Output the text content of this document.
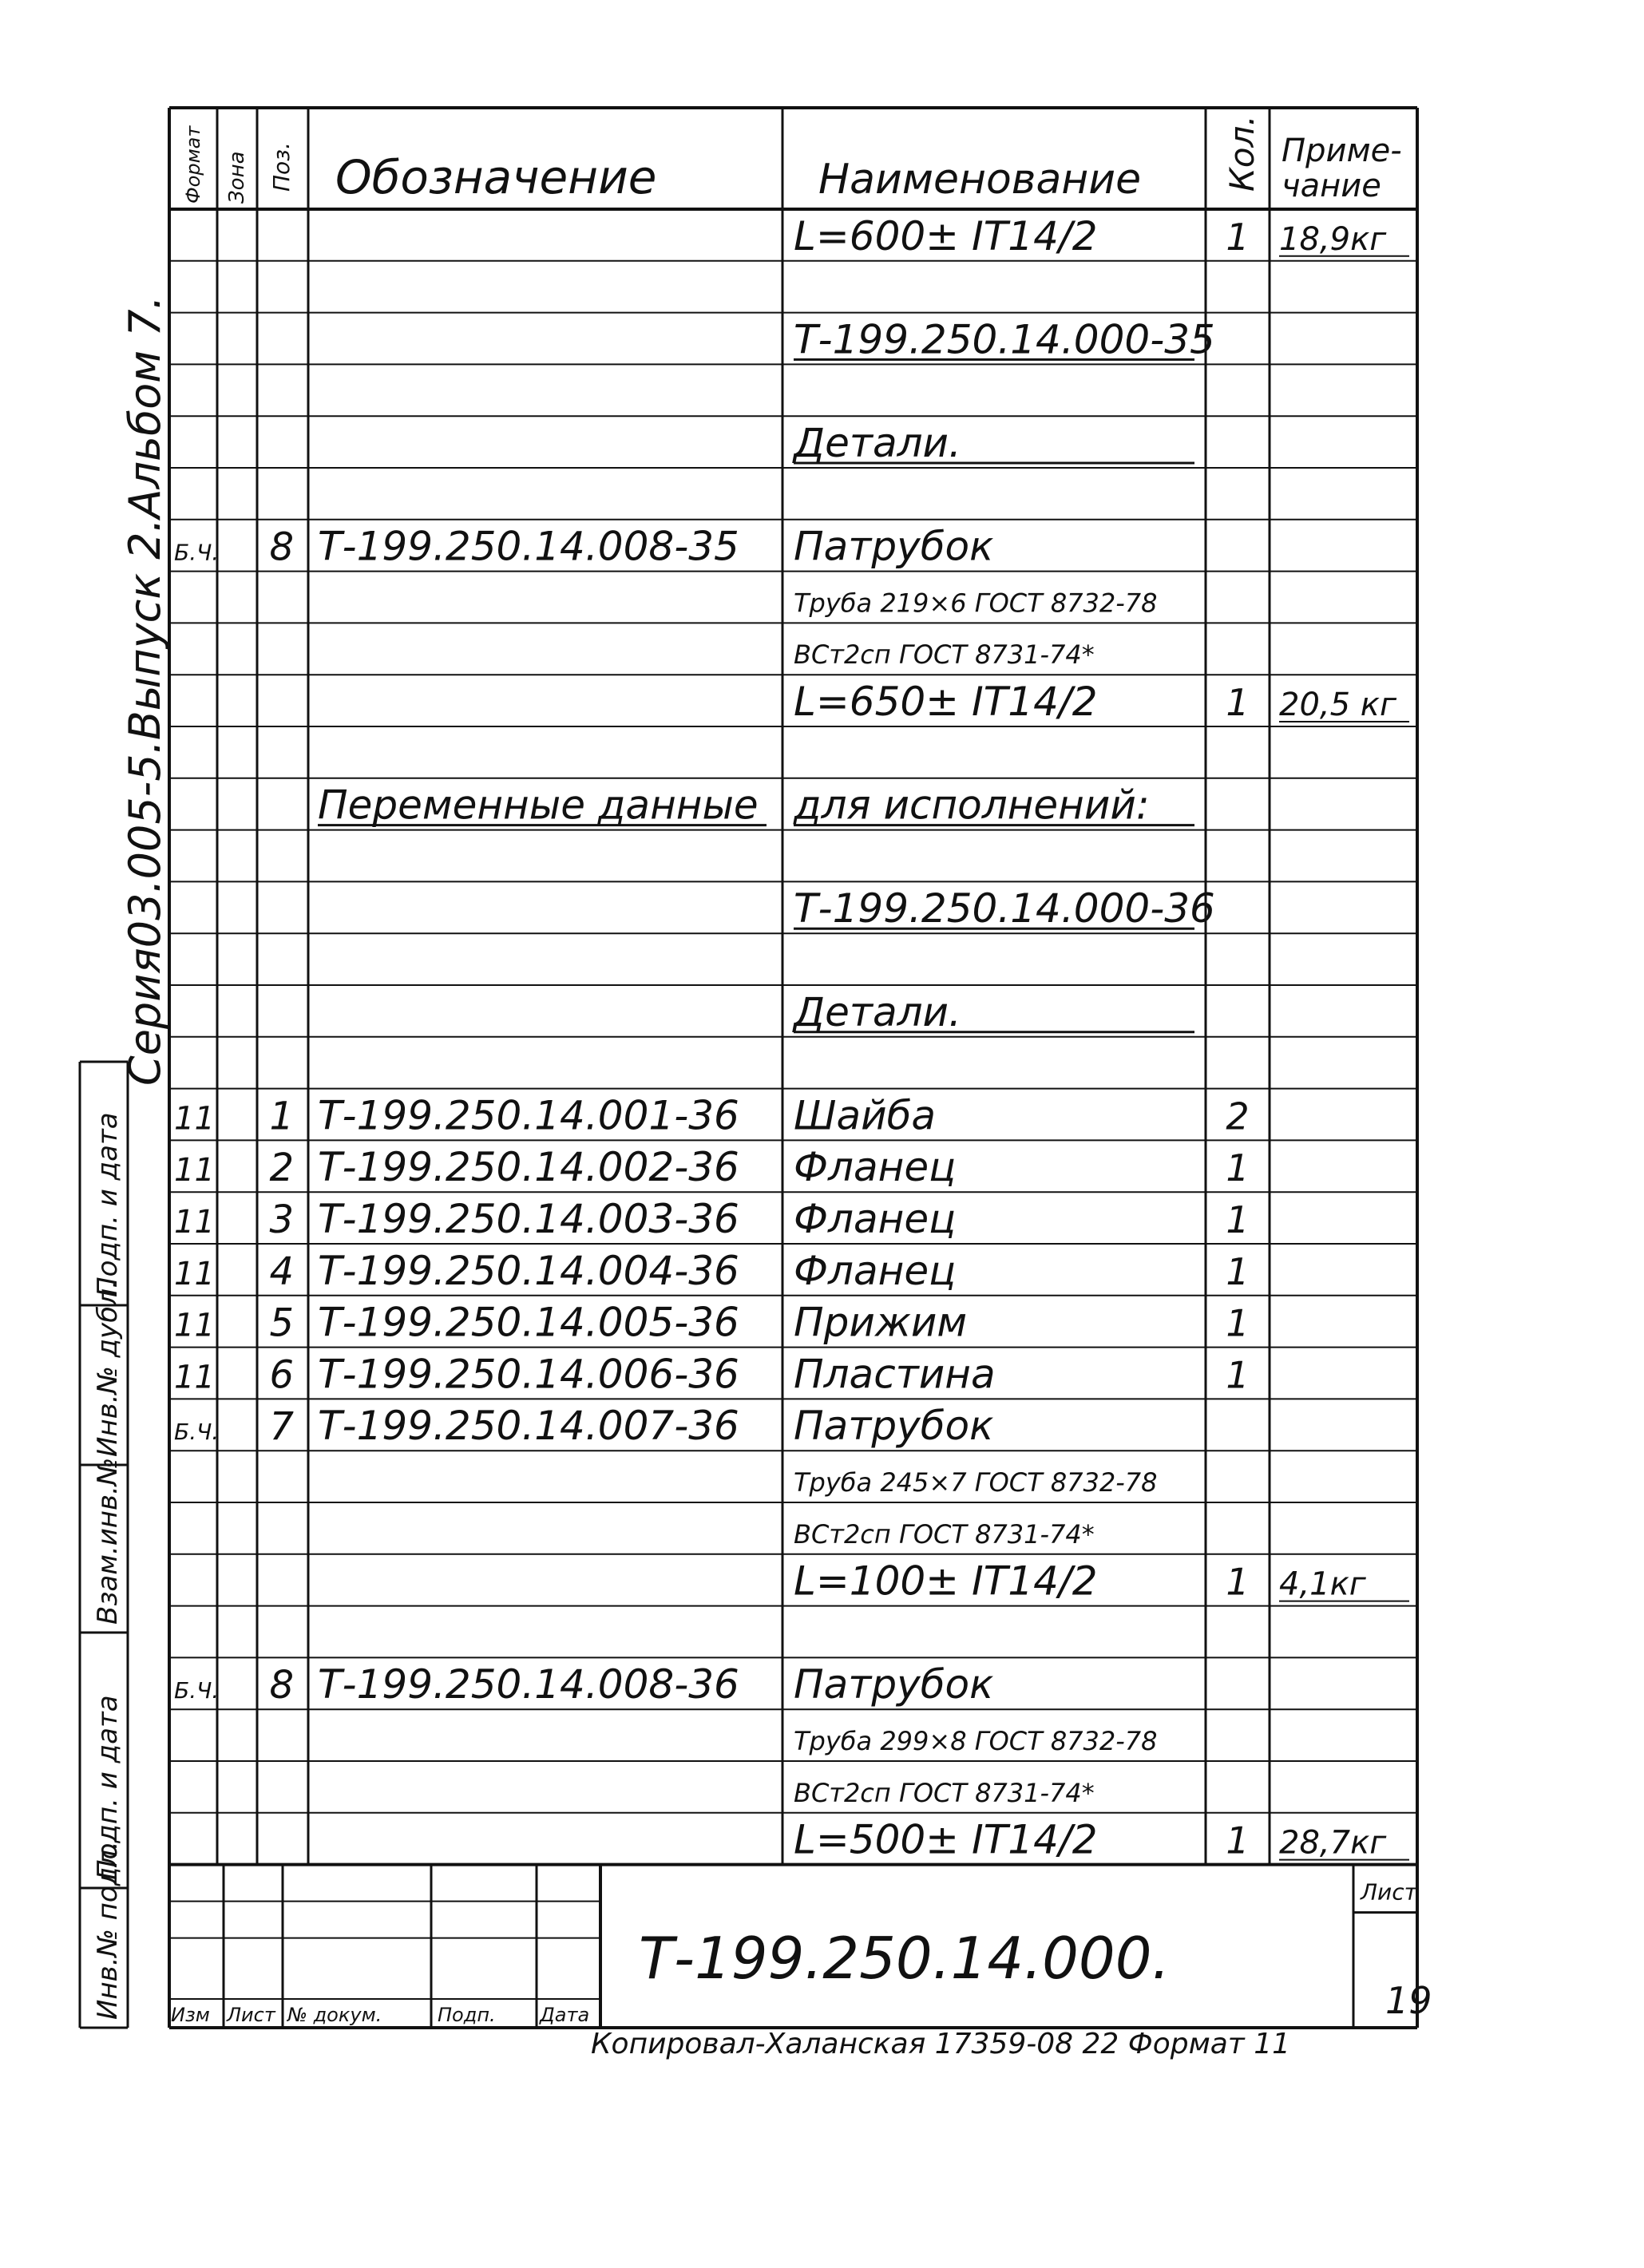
Формат Зона Поз. Обозначение	Наименование Кол. Приме-
чание
L=600± IT14/2	1 18,9кг
Т-199.250.14.000-35
Детали.
Б.Ч. 8 Т-199.250.14.008-35 Патрубок
Труба 219×6 ГОСТ 8732-78
ВСт2сп ГОСТ 8731-74*
L=650± IT14/2	1 20,5 кг
Переменные данные для исполнений:
Т-199.250.14.000-36
Детали.
11 1 Т-199.250.14.001-36 Шайба	2
11 2 Т-199.250.14.002-36 Фланец	1
11 3 Т-199.250.14.003-36 Фланец	1
11 4 Т-199.250.14.004-36 Фланец	1
11 5 Т-199.250.14.005-36 Прижим	1
11 6 Т-199.250.14.006-36 Пластина	1
Б.Ч. 7 Т-199.250.14.007-36 Патрубок
Труба 245×7 ГОСТ 8732-78
ВСт2сп ГОСТ 8731-74*
L=100± IT14/2	1 4,1кг
Б.Ч. 8 Т-199.250.14.008-36 Патрубок
Труба 299×8 ГОСТ 8732-78
ВСт2сп ГОСТ 8731-74*
L=500± IT14/2	1 28,7кг
Изм Лист № докум.	Подп. Дата
Т-199.250.14.000.
Лист
19
Подп. и дата
Инв.№ дубл.
Взам.инв.№
Подп. и дата
Инв.№ подл.
Серия03.005-5.Выпуск 2.Альбом 7.
Копировал-Халанская 17359-08 22 Формат 11
